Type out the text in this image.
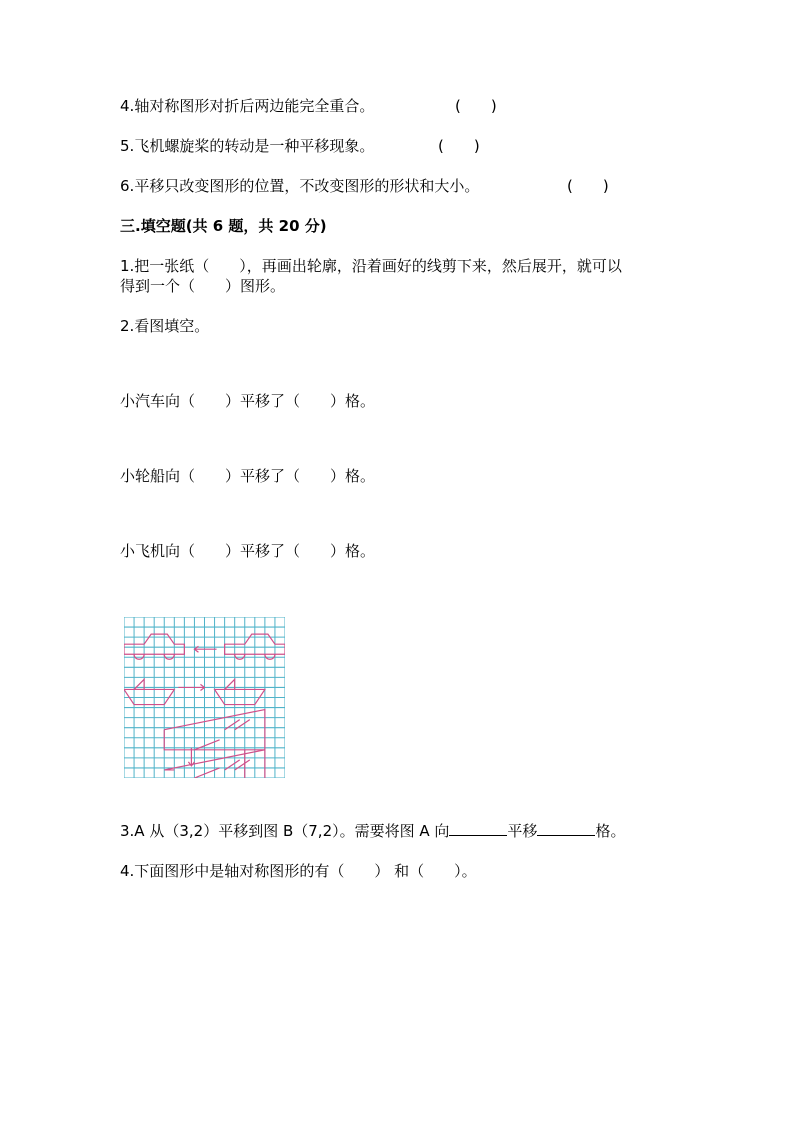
4.轴对称图形对折后两边能完全重合。	(　　)
5.飞机螺旋桨的转动是一种平移现象。	(　　)
6.平移只改变图形的位置，不改变图形的形状和大小。	(　　)
三.填空题(共 6 题，共 20 分)
1.把一张纸（　　），再画出轮廓，沿着画好的线剪下来，然后展开，就可以
得到一个（　　）图形。
2.看图填空。
小汽车向（　　）平移了（　　）格。
小轮船向（　　）平移了（　　）格。
小飞机向（　　）平移了（　　）格。
3.A 从（3,2）平移到图 B（7,2）。需要将图 A 向	平移	格。
4.下面图形中是轴对称图形的有（　　） 和（　　）。
